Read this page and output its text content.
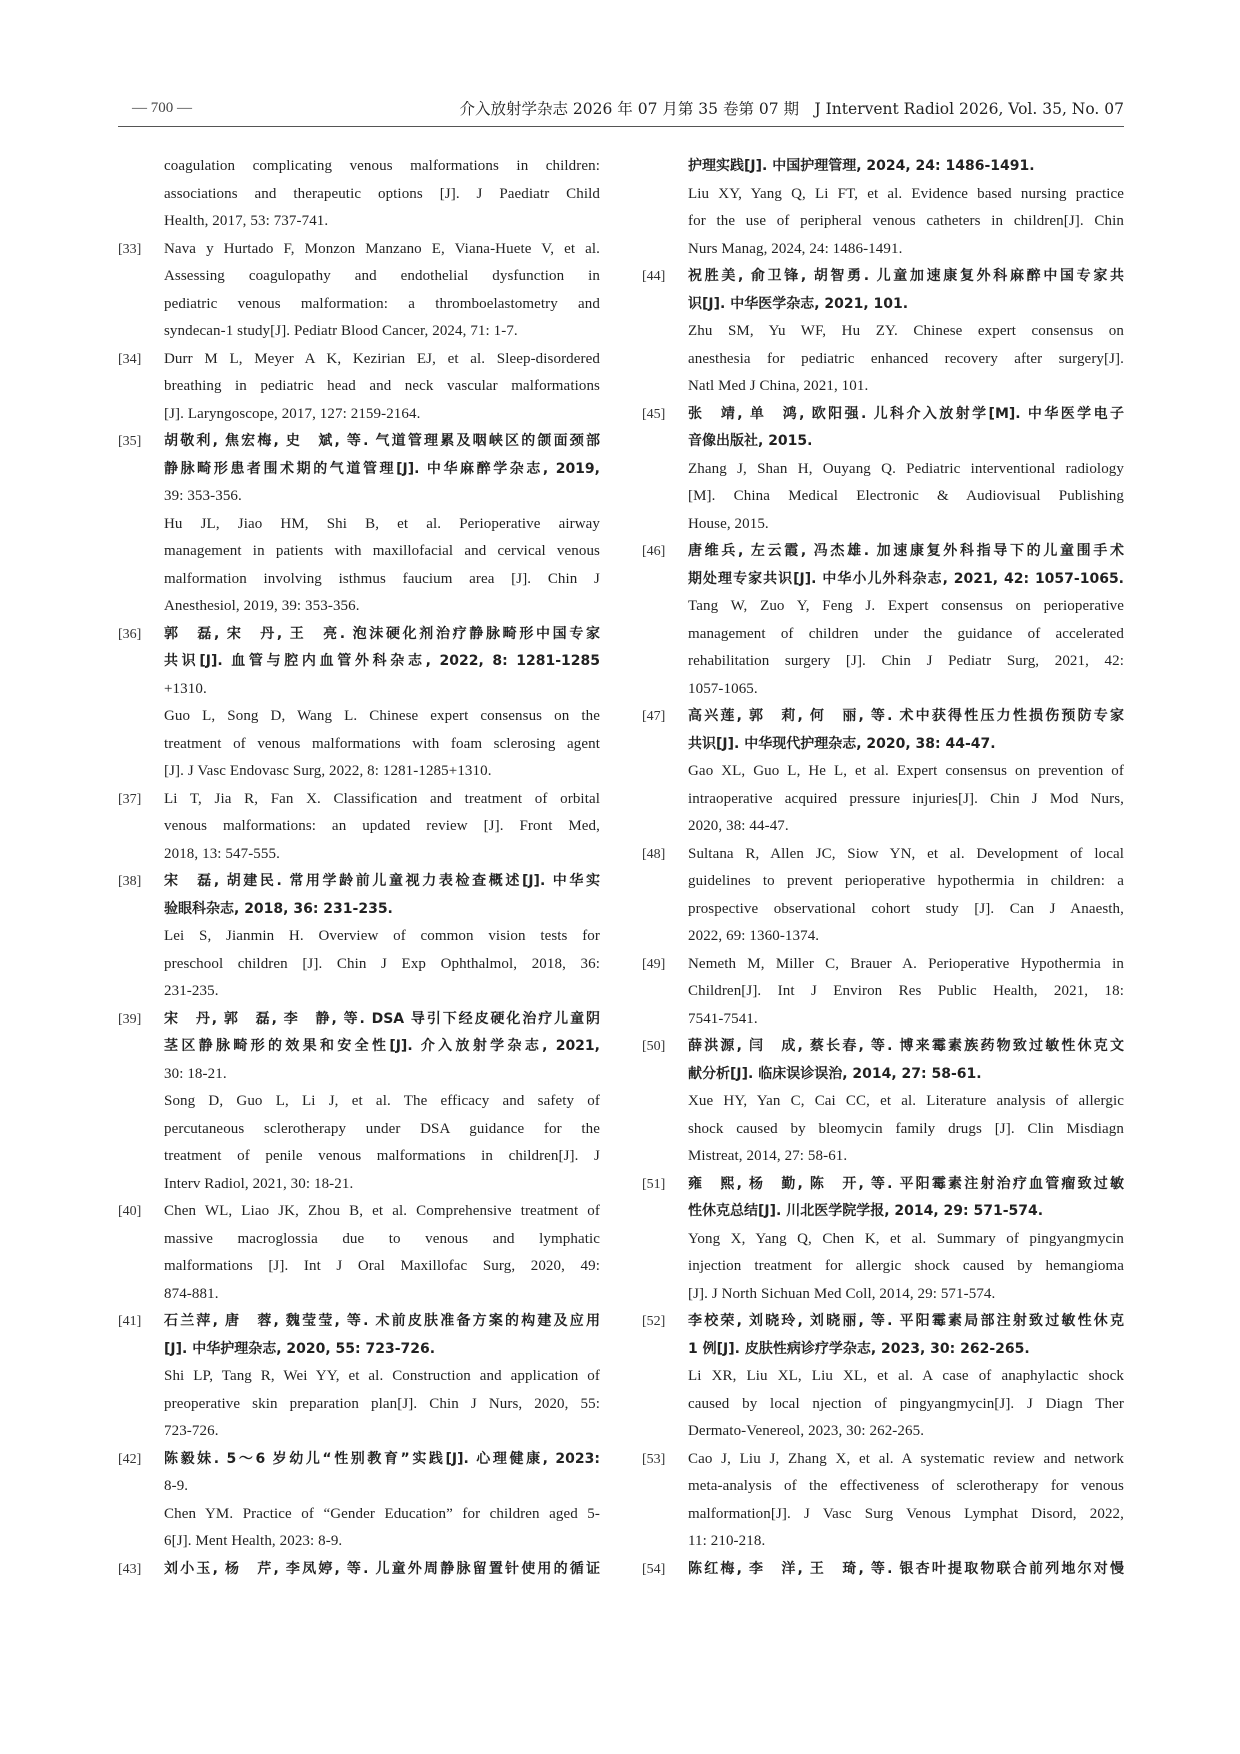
— 700 —	介入放射学杂志 2026 年 07 月第 35 卷第 07 期　J Intervent Radiol 2026, Vol. 35, No. 07
coagulation complicating venous malformations in children:
associations and therapeutic options [J]. J Paediatr Child
Health, 2017, 53: 737-741.
[33] Nava y Hurtado F, Monzon Manzano E, Viana-Huete V, et al.
Assessing coagulopathy and endothelial dysfunction in
pediatric venous malformation: a thromboelastometry and
syndecan-1 study[J]. Pediatr Blood Cancer, 2024, 71: 1-7.
[34] Durr M L, Meyer A K, Kezirian EJ, et al. Sleep-disordered
breathing in pediatric head and neck vascular malformations
[J]. Laryngoscope, 2017, 127: 2159-2164.
[35] 胡敬利, 焦宏梅, 史　斌, 等. 气道管理累及咽峡区的颌面颈部
静脉畸形患者围术期的气道管理[J]. 中华麻醉学杂志, 2019,
39: 353-356.
Hu JL, Jiao HM, Shi B, et al. Perioperative airway
management in patients with maxillofacial and cervical venous
malformation involving isthmus faucium area [J]. Chin J
Anesthesiol, 2019, 39: 353-356.
[36] 郭　磊, 宋　丹, 王　亮. 泡沫硬化剂治疗静脉畸形中国专家
共识[J]. 血管与腔内血管外科杂志, 2022, 8: 1281-1285
+1310.
Guo L, Song D, Wang L. Chinese expert consensus on the
treatment of venous malformations with foam sclerosing agent
[J]. J Vasc Endovasc Surg, 2022, 8: 1281-1285+1310.
[37] Li T, Jia R, Fan X. Classification and treatment of orbital
venous malformations: an updated review [J]. Front Med,
2018, 13: 547-555.
[38] 宋　磊, 胡建民. 常用学龄前儿童视力表检查概述[J]. 中华实
验眼科杂志, 2018, 36: 231-235.
Lei S, Jianmin H. Overview of common vision tests for
preschool children [J]. Chin J Exp Ophthalmol, 2018, 36:
231-235.
[39] 宋　丹, 郭　磊, 李　静, 等. DSA 导引下经皮硬化治疗儿童阴
茎区静脉畸形的效果和安全性[J]. 介入放射学杂志, 2021,
30: 18-21.
Song D, Guo L, Li J, et al. The efficacy and safety of
percutaneous sclerotherapy under DSA guidance for the
treatment of penile venous malformations in children[J]. J
Interv Radiol, 2021, 30: 18-21.
[40] Chen WL, Liao JK, Zhou B, et al. Comprehensive treatment of
massive macroglossia due to venous and lymphatic
malformations [J]. Int J Oral Maxillofac Surg, 2020, 49:
874-881.
[41] 石兰萍, 唐　蓉, 魏莹莹, 等. 术前皮肤准备方案的构建及应用
[J]. 中华护理杂志, 2020, 55: 723-726.
Shi LP, Tang R, Wei YY, et al. Construction and application of
preoperative skin preparation plan[J]. Chin J Nurs, 2020, 55:
723-726.
[42] 陈毅妹. 5～6 岁幼儿“性别教育”实践[J]. 心理健康, 2023:
8-9.
Chen YM. Practice of “Gender Education” for children aged 5-
6[J]. Ment Health, 2023: 8-9.
[43] 刘小玉, 杨　芹, 李凤婷, 等. 儿童外周静脉留置针使用的循证
护理实践[J]. 中国护理管理, 2024, 24: 1486-1491.
Liu XY, Yang Q, Li FT, et al. Evidence based nursing practice
for the use of peripheral venous catheters in children[J]. Chin
Nurs Manag, 2024, 24: 1486-1491.
[44] 祝胜美, 俞卫锋, 胡智勇. 儿童加速康复外科麻醉中国专家共
识[J]. 中华医学杂志, 2021, 101.
Zhu SM, Yu WF, Hu ZY. Chinese expert consensus on
anesthesia for pediatric enhanced recovery after surgery[J].
Natl Med J China, 2021, 101.
[45] 张　靖, 单　鸿, 欧阳强. 儿科介入放射学[M]. 中华医学电子
音像出版社, 2015.
Zhang J, Shan H, Ouyang Q. Pediatric interventional radiology
[M]. China Medical Electronic & Audiovisual Publishing
House, 2015.
[46] 唐维兵, 左云霞, 冯杰雄. 加速康复外科指导下的儿童围手术
期处理专家共识[J]. 中华小儿外科杂志, 2021, 42: 1057-1065.
Tang W, Zuo Y, Feng J. Expert consensus on perioperative
management of children under the guidance of accelerated
rehabilitation surgery [J]. Chin J Pediatr Surg, 2021, 42:
1057-1065.
[47] 高兴莲, 郭　莉, 何　丽, 等. 术中获得性压力性损伤预防专家
共识[J]. 中华现代护理杂志, 2020, 38: 44-47.
Gao XL, Guo L, He L, et al. Expert consensus on prevention of
intraoperative acquired pressure injuries[J]. Chin J Mod Nurs,
2020, 38: 44-47.
[48] Sultana R, Allen JC, Siow YN, et al. Development of local
guidelines to prevent perioperative hypothermia in children: a
prospective observational cohort study [J]. Can J Anaesth,
2022, 69: 1360-1374.
[49] Nemeth M, Miller C, Brauer A. Perioperative Hypothermia in
Children[J]. Int J Environ Res Public Health, 2021, 18:
7541-7541.
[50] 薛洪源, 闫　成, 蔡长春, 等. 博来霉素族药物致过敏性休克文
献分析[J]. 临床误诊误治, 2014, 27: 58-61.
Xue HY, Yan C, Cai CC, et al. Literature analysis of allergic
shock caused by bleomycin family drugs [J]. Clin Misdiagn
Mistreat, 2014, 27: 58-61.
[51] 雍　熙, 杨　勤, 陈　开, 等. 平阳霉素注射治疗血管瘤致过敏
性休克总结[J]. 川北医学院学报, 2014, 29: 571-574.
Yong X, Yang Q, Chen K, et al. Summary of pingyangmycin
injection treatment for allergic shock caused by hemangioma
[J]. J North Sichuan Med Coll, 2014, 29: 571-574.
[52] 李校荣, 刘晓玲, 刘晓丽, 等. 平阳霉素局部注射致过敏性休克
1 例[J]. 皮肤性病诊疗学杂志, 2023, 30: 262-265.
Li XR, Liu XL, Liu XL, et al. A case of anaphylactic shock
caused by local njection of pingyangmycin[J]. J Diagn Ther
Dermato-Venereol, 2023, 30: 262-265.
[53] Cao J, Liu J, Zhang X, et al. A systematic review and network
meta-analysis of the effectiveness of sclerotherapy for venous
malformation[J]. J Vasc Surg Venous Lymphat Disord, 2022,
11: 210-218.
[54] 陈红梅, 李　洋, 王　琦, 等. 银杏叶提取物联合前列地尔对慢
